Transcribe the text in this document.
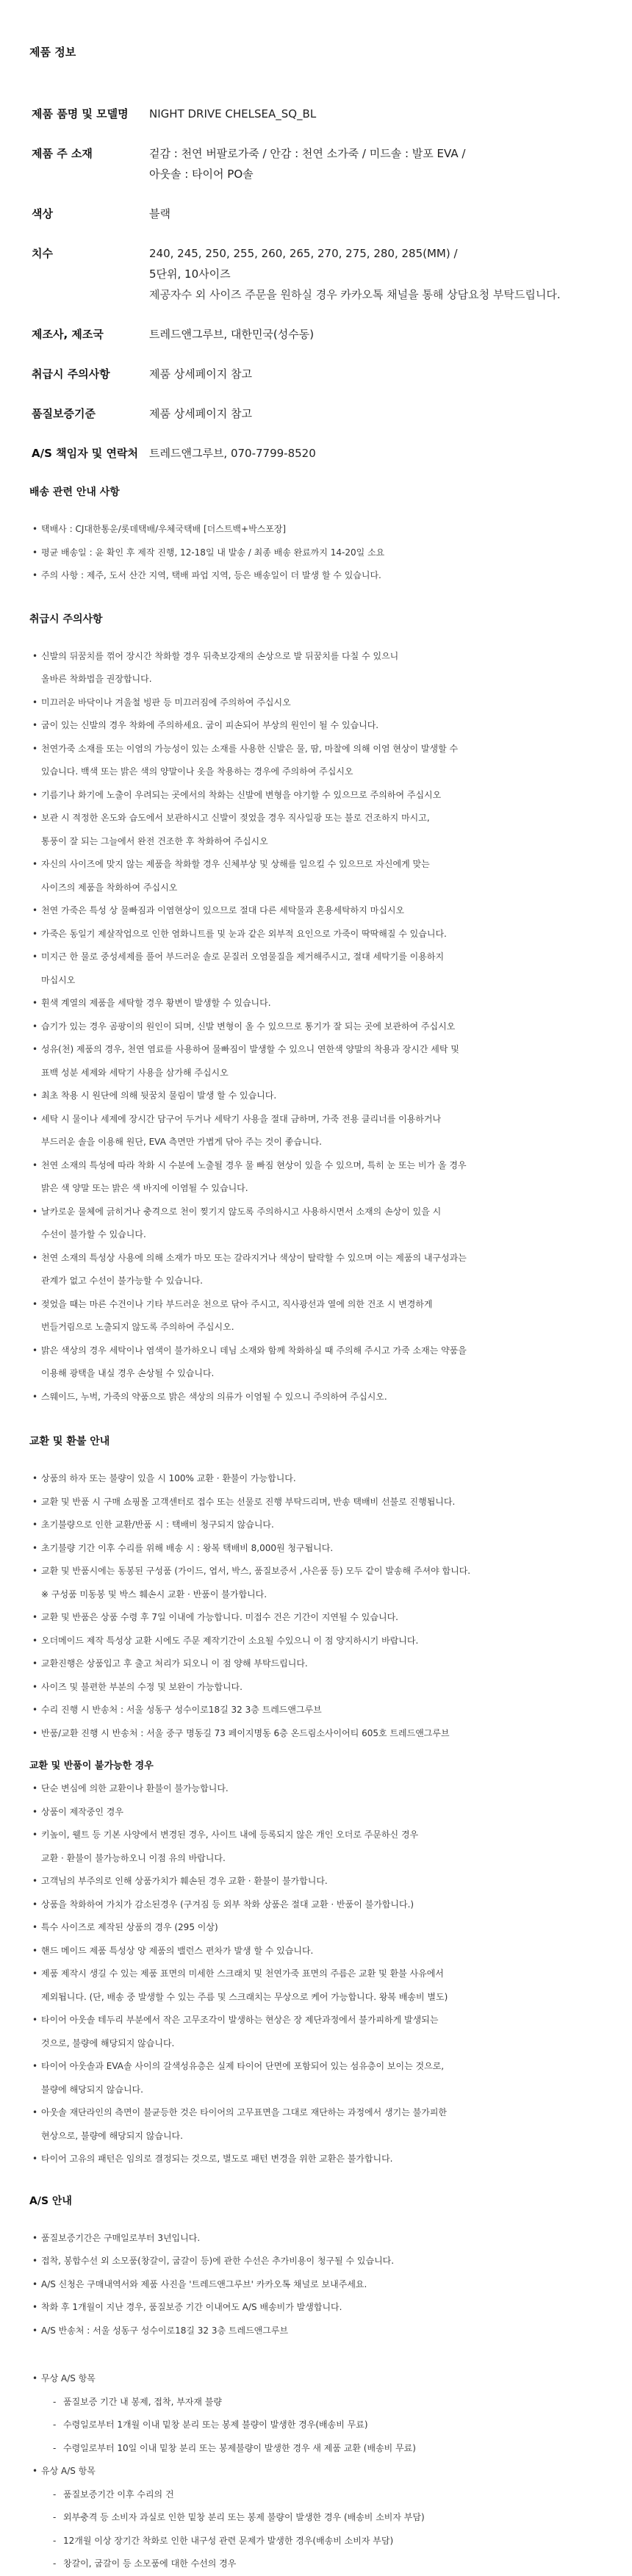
제품 정보
제품 품명 및 모델명	NIGHT DRIVE CHELSEA_SQ_BL

제품 주 소재	겉감 : 천연 버팔로가죽 / 안감 : 천연 소가죽 / 미드솔 : 발포 EVA /
	아웃솔 : 타이어 PO솔

색상	블랙

치수	240, 245, 250, 255, 260, 265, 270, 275, 280, 285(MM) /
	5단위, 10사이즈
	제공자수 외 사이즈 주문을 원하실 경우 카카오톡 채널을 통해 상담요청 부탁드립니다.

제조사, 제조국	트레드앤그루브, 대한민국(성수동)

취급시 주의사항	제품 상세페이지 참고

품질보증기준	제품 상세페이지 참고

A/S 책임자 및 연락처	트레드앤그루브, 070-7799-8520
배송 관련 안내 사항
• 택배사 : CJ대한통운/롯데택배/우체국택배 [더스트백+박스포장]
• 평균 배송일 : 윤 확인 후 제작 진행, 12-18일 내 발송 / 최종 배송 완료까지 14-20일 소요
• 주의 사항 : 제주, 도서 산간 지역, 택배 파업 지역, 등은 배송일이 더 발생 할 수 있습니다.
취급시 주의사항
• 신발의 뒤꿈치를 꺾어 장시간 착화할 경우 뒤축보강재의 손상으로 발 뒤꿈치를 다칠 수 있으니
올바른 착화법을 권장합니다.
• 미끄러운 바닥이나 겨울철 빙판 등 미끄러짐에 주의하여 주십시오
• 굽이 있는 신발의 경우 착화에 주의하세요. 굽이 피손되어 부상의 원인이 될 수 있습니다.
• 천연가죽 소재를 또는 이염의 가능성이 있는 소재를 사용한 신발은 물, 땀, 마찰에 의해 이염 현상이 발생할 수
있습니다. 백색 또는 밝은 색의 양말이나 옷을 착용하는 경우에 주의하여 주십시오
• 기름기나 화기에 노출이 우려되는 곳에서의 착화는 신발에 변형을 야기할 수 있으므로 주의하여 주십시오
• 보관 시 적정한 온도와 습도에서 보관하시고 신발이 젖었을 경우 직사일광 또는 불로 건조하지 마시고,
통풍이 잘 되는 그늘에서 완전 건조한 후 착화하여 주십시오
• 자신의 사이즈에 맞지 않는 제품을 착화할 경우 신체부상 및 상해를 일으킬 수 있으므로 자신에게 맞는
사이즈의 제품을 착화하여 주십시오
• 천연 가죽은 특성 상 물빠짐과 이염현상이 있으므로 절대 다른 세탁물과 혼용세탁하지 마십시오
• 가죽은 동일기 제살작업으로 인한 염화니트를 및 눈과 같은 외부적 요인으로 가죽이 딱딱해질 수 있습니다.
• 미지근 한 물로 중성세제를 풀어 부드러운 솔로 문질러 오염물질을 제거해주시고, 절대 세탁기를 이용하지
마십시오
• 휜색 계열의 제품을 세탁할 경우 황변이 발생할 수 있습니다.
• 습기가 있는 경우 곰팡이의 원인이 되며, 신발 변형이 올 수 있으므로 통기가 잘 되는 곳에 보관하여 주십시오
• 성유(천) 제품의 경우, 천연 염료를 사용하여 물빠짐이 발생할 수 있으니 연한색 양말의 착용과 장시간 세탁 및
표백 성분 세제와 세탁기 사용을 삼가해 주십시오
• 최초 착용 시 원단에 의해 뒷꿈치 물림이 발생 할 수 있습니다.
• 세탁 시 물이나 세제에 장시간 담구어 두거나 세탁기 사용을 절대 금하며, 가죽 전용 클리너를 이용하거나
부드러운 솔을 이용해 원단, EVA 측면만 가볍게 닦아 주는 것이 좋습니다.
• 천연 소재의 특성에 따라 착화 시 수분에 노출될 경우 물 빠짐 현상이 있을 수 있으며, 특히 눈 또는 비가 올 경우
밝은 색 양말 또는 밝은 색 바지에 이염될 수 있습니다.
• 날카로운 물체에 긁히거나 충격으로 천이 찢기지 않도록 주의하시고 사용하시면서 소재의 손상이 있을 시
수선이 불가할 수 있습니다.
• 천연 소재의 특성상 사용에 의해 소재가 마모 또는 갈라지거나 색상이 탈락할 수 있으며 이는 제품의 내구성과는
관계가 없고 수선이 불가능할 수 있습니다.
• 젖었을 때는 마른 수건이나 기타 부드러운 천으로 닦아 주시고, 직사광선과 열에 의한 건조 시 변경하게
번들거림으로 노출되지 않도록 주의하여 주십시오.
• 밝은 색상의 경우 세탁이나 염색이 불가하오니 데님 소재와 함께 착화하실 때 주의해 주시고 가죽 소재는 약품을
이용해 광택을 내실 경우 손상될 수 있습니다.
• 스웨이드, 누벅, 가죽의 약품으로 밝은 색상의 의류가 이염될 수 있으니 주의하여 주십시오.
교환 및 환불 안내
• 상품의 하자 또는 불량이 있을 시 100% 교환 · 환불이 가능합니다.
• 교환 및 반품 시 구매 쇼핑몰 고객센터로 접수 또는 선물로 진행 부탁드리며, 반송 택배비 선불로 진행됩니다.
• 초기불량으로 인한 교환/반품 시 : 택배비 청구되지 않습니다.
• 초기불량 기간 이후 수리를 위해 배송 시 : 왕복 택배비 8,000원 청구됩니다.
• 교환 및 반품시에는 동봉된 구성품 (가이드, 엽서, 박스, 품질보증서 ,사은품 등) 모두 같이 발송해 주셔야 합니다.
※ 구성품 미동봉 및 박스 훼손시 교환 · 반품이 불가합니다.
• 교환 및 반품은 상품 수령 후 7일 이내에 가능합니다. 미접수 건은 기간이 지연될 수 있습니다.
• 오더메이드 제작 특성상 교환 시에도 주문 제작기간이 소요될 수있으니 이 점 양지하시기 바랍니다.
• 교환진행은 상품입고 후 출고 처리가 되오니 이 점 양해 부탁드립니다.
• 사이즈 및 불편한 부분의 수정 및 보완이 가능합니다.
• 수리 진행 시 반송처 : 서울 성동구 성수이로18길 32 3층 트레드앤그루브
• 반품/교환 진행 시 반송처 : 서울 중구 명동길 73 페이지명동 6층 온드림소사이어티 605호 트레드앤그루브

교환 및 반품이 불가능한 경우

• 단순 변심에 의한 교환이나 환불이 불가능합니다.
• 상품이 제작중인 경우
• 키높이, 웰트 등 기본 사양에서 변경된 경우, 사이트 내에 등록되지 않은 개인 오더로 주문하신 경우
교환 · 환불이 불가능하오니 이점 유의 바랍니다.
• 고객님의 부주의로 인해 상품가치가 훼손된 경우 교환 · 환불이 불가합니다.
• 상품을 착화하여 가치가 감소된경우 (구겨짐 등 외부 착화 상품은 절대 교환 · 반품이 불가합니다.)
• 특수 사이즈로 제작된 상품의 경우 (295 이상)
• 핸드 메이드 제품 특성상 양 제품의 밸런스 편차가 발생 할 수 있습니다.
• 제품 제작시 생길 수 있는 제품 표면의 미세한 스크래치 및 천연가죽 표면의 주름은 교환 및 환불 사유에서
제외됩니다. (단, 배송 중 발생할 수 있는 주름 및 스크래치는 무상으로 케어 가능합니다. 왕복 배송비 별도)
• 타이어 아웃솔 테두리 부분에서 작은 고무조각이 발생하는 현상은 장 제단과정에서 불가피하게 발생되는
것으로, 불량에 해당되지 않습니다.
• 타이어 아웃솔과 EVA솔 사이의 갈색성유층은 실제 타이어 단면에 포함되어 있는 섬유층이 보이는 것으로,
불량에 해당되지 않습니다.
• 아웃솔 재단라인의 측면이 불균등한 것은 타이어의 고무표면을 그대로 재단하는 과정에서 생기는 불가피한
현상으로, 불량에 해당되지 않습니다.
• 타이어 고유의 패턴은 임의로 결정되는 것으로, 별도로 패턴 변경을 위한 교환은 불가합니다.
A/S 안내
• 품질보증기간은 구매일로부터 3년입니다.
• 접착, 봉합수선 외 소모품(창갈이, 굽갈이 등)에 관한 수선은 추가비용이 청구될 수 있습니다.
• A/S 신청은 구매내역서와 제품 사진을 '트레드앤그루브' 카카오톡 채널로 보내주세요.
• 착화 후 1개월이 지난 경우, 품질보증 기간 이내여도 A/S 배송비가 발생합니다.
• A/S 반송처 : 서울 성동구 성수이로18길 32 3층 트레드앤그루브
• 무상 A/S 항목
- 품질보증 기간 내 봉제, 접착, 부자재 불량
- 수령일로부터 1개월 이내 밑창 분리 또는 봉제 불량이 발생한 경우(배송비 무료)
- 수령일로부터 10일 이내 밑창 분리 또는 봉제불량이 발생한 경우 새 제품 교환 (배송비 무료)
• 유상 A/S 항목
- 품질보증기간 이후 수리의 건
- 외부충격 등 소비자 과실로 인한 밑창 분리 또는 봉제 불량이 발생한 경우 (배송비 소비자 부담)
- 12개월 이상 장기간 착화로 인한 내구성 관련 문제가 발생한 경우(배송비 소비자 부담)
- 창갈이, 굽갈이 등 소모품에 대한 수선의 경우
